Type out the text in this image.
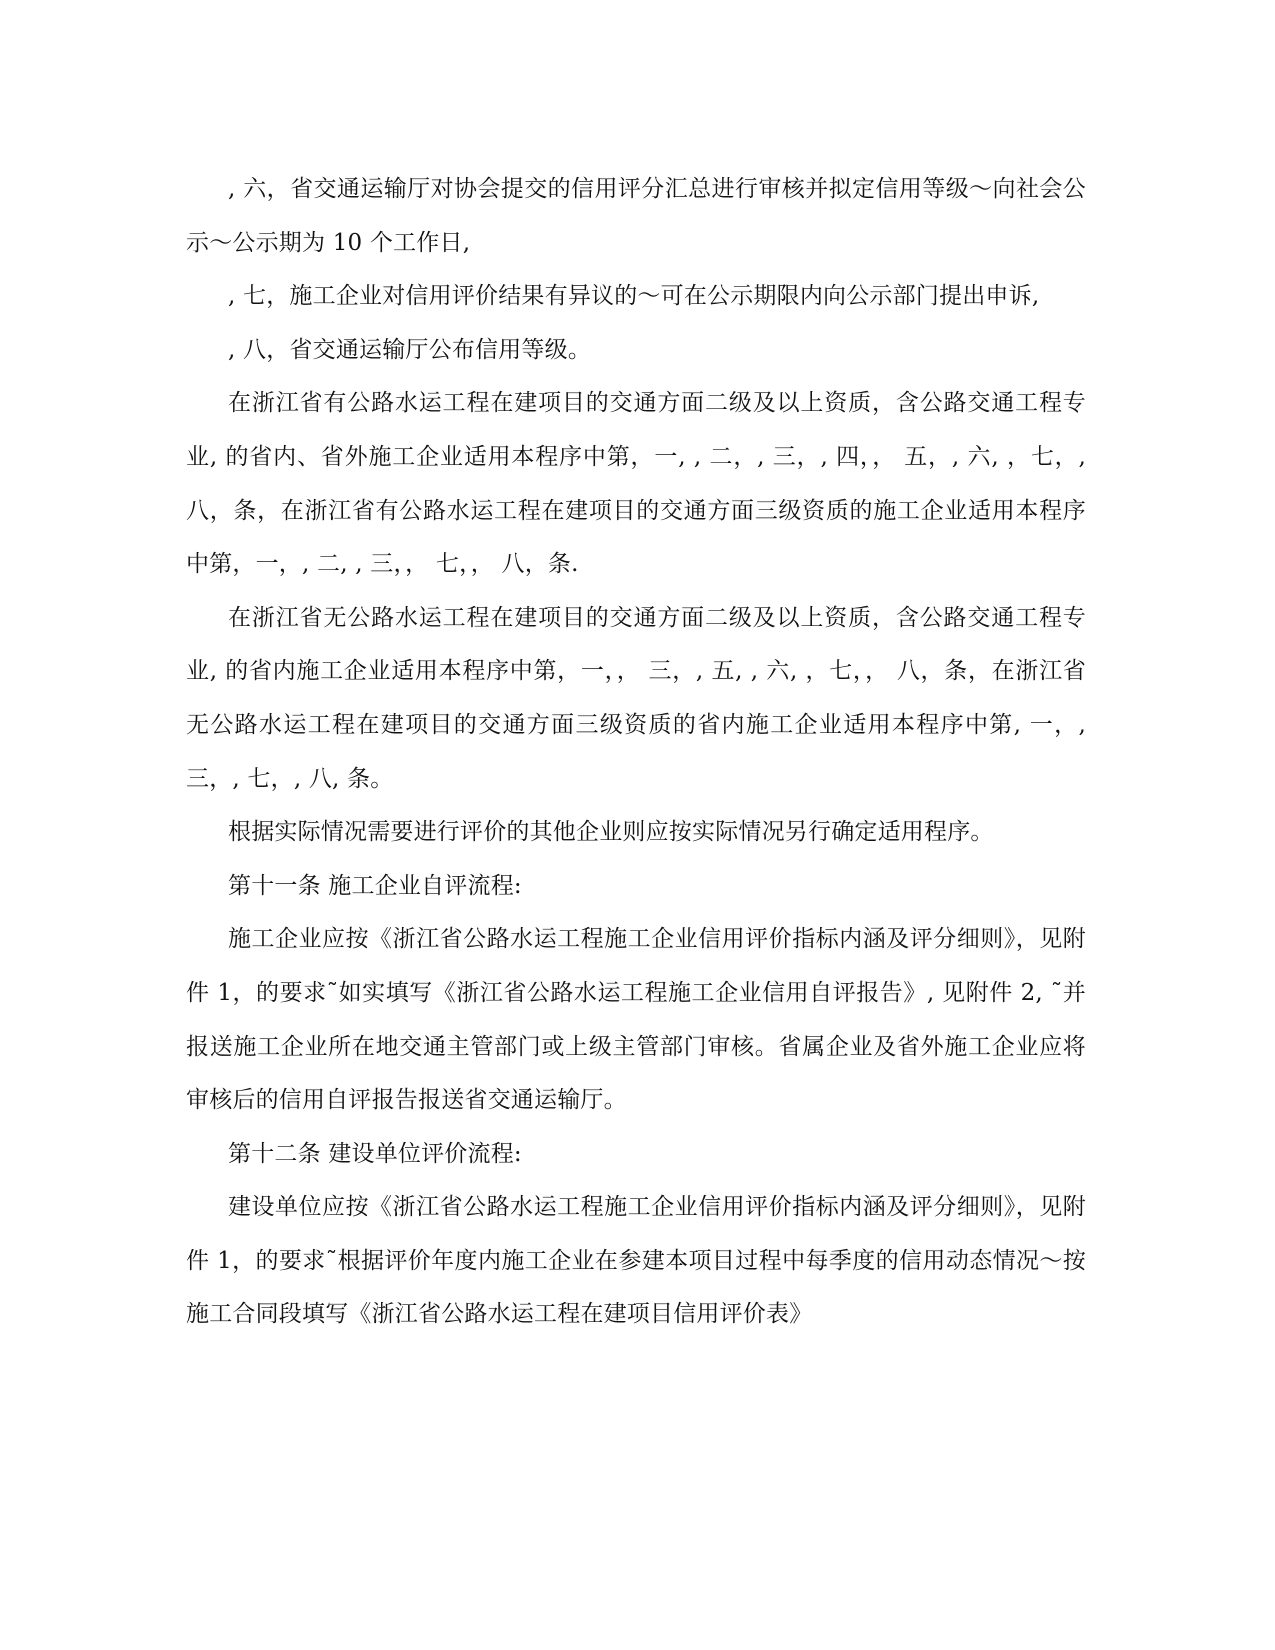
, 六，省交通运输厅对协会提交的信用评分汇总进行审核并拟定信用等级～向社会公示～公示期为 10 个工作日,

, 七，施工企业对信用评价结果有异议的～可在公示期限内向公示部门提出申诉,

, 八，省交通运输厅公布信用等级。

在浙江省有公路水运工程在建项目的交通方面二级及以上资质，含公路交通工程专业, 的省内、省外施工企业适用本程序中第，一, , 二，, 三，, 四，， 五，, 六, ，七，, 八，条，在浙江省有公路水运工程在建项目的交通方面三级资质的施工企业适用本程序中第，一，, 二, , 三，， 七，， 八，条.

在浙江省无公路水运工程在建项目的交通方面二级及以上资质，含公路交通工程专业, 的省内施工企业适用本程序中第，一，， 三，, 五, , 六, ，七，， 八，条，在浙江省无公路水运工程在建项目的交通方面三级资质的省内施工企业适用本程序中第, 一，, 三，, 七，, 八, 条。

根据实际情况需要进行评价的其他企业则应按实际情况另行确定适用程序。

第十一条 施工企业自评流程:

施工企业应按《浙江省公路水运工程施工企业信用评价指标内涵及评分细则》，见附件 1，的要求˜如实填写《浙江省公路水运工程施工企业信用自评报告》, 见附件 2, ˜并报送施工企业所在地交通主管部门或上级主管部门审核。省属企业及省外施工企业应将审核后的信用自评报告报送省交通运输厅。

第十二条 建设单位评价流程:

建设单位应按《浙江省公路水运工程施工企业信用评价指标内涵及评分细则》，见附件 1，的要求˜根据评价年度内施工企业在参建本项目过程中每季度的信用动态情况～按施工合同段填写《浙江省公路水运工程在建项目信用评价表》
